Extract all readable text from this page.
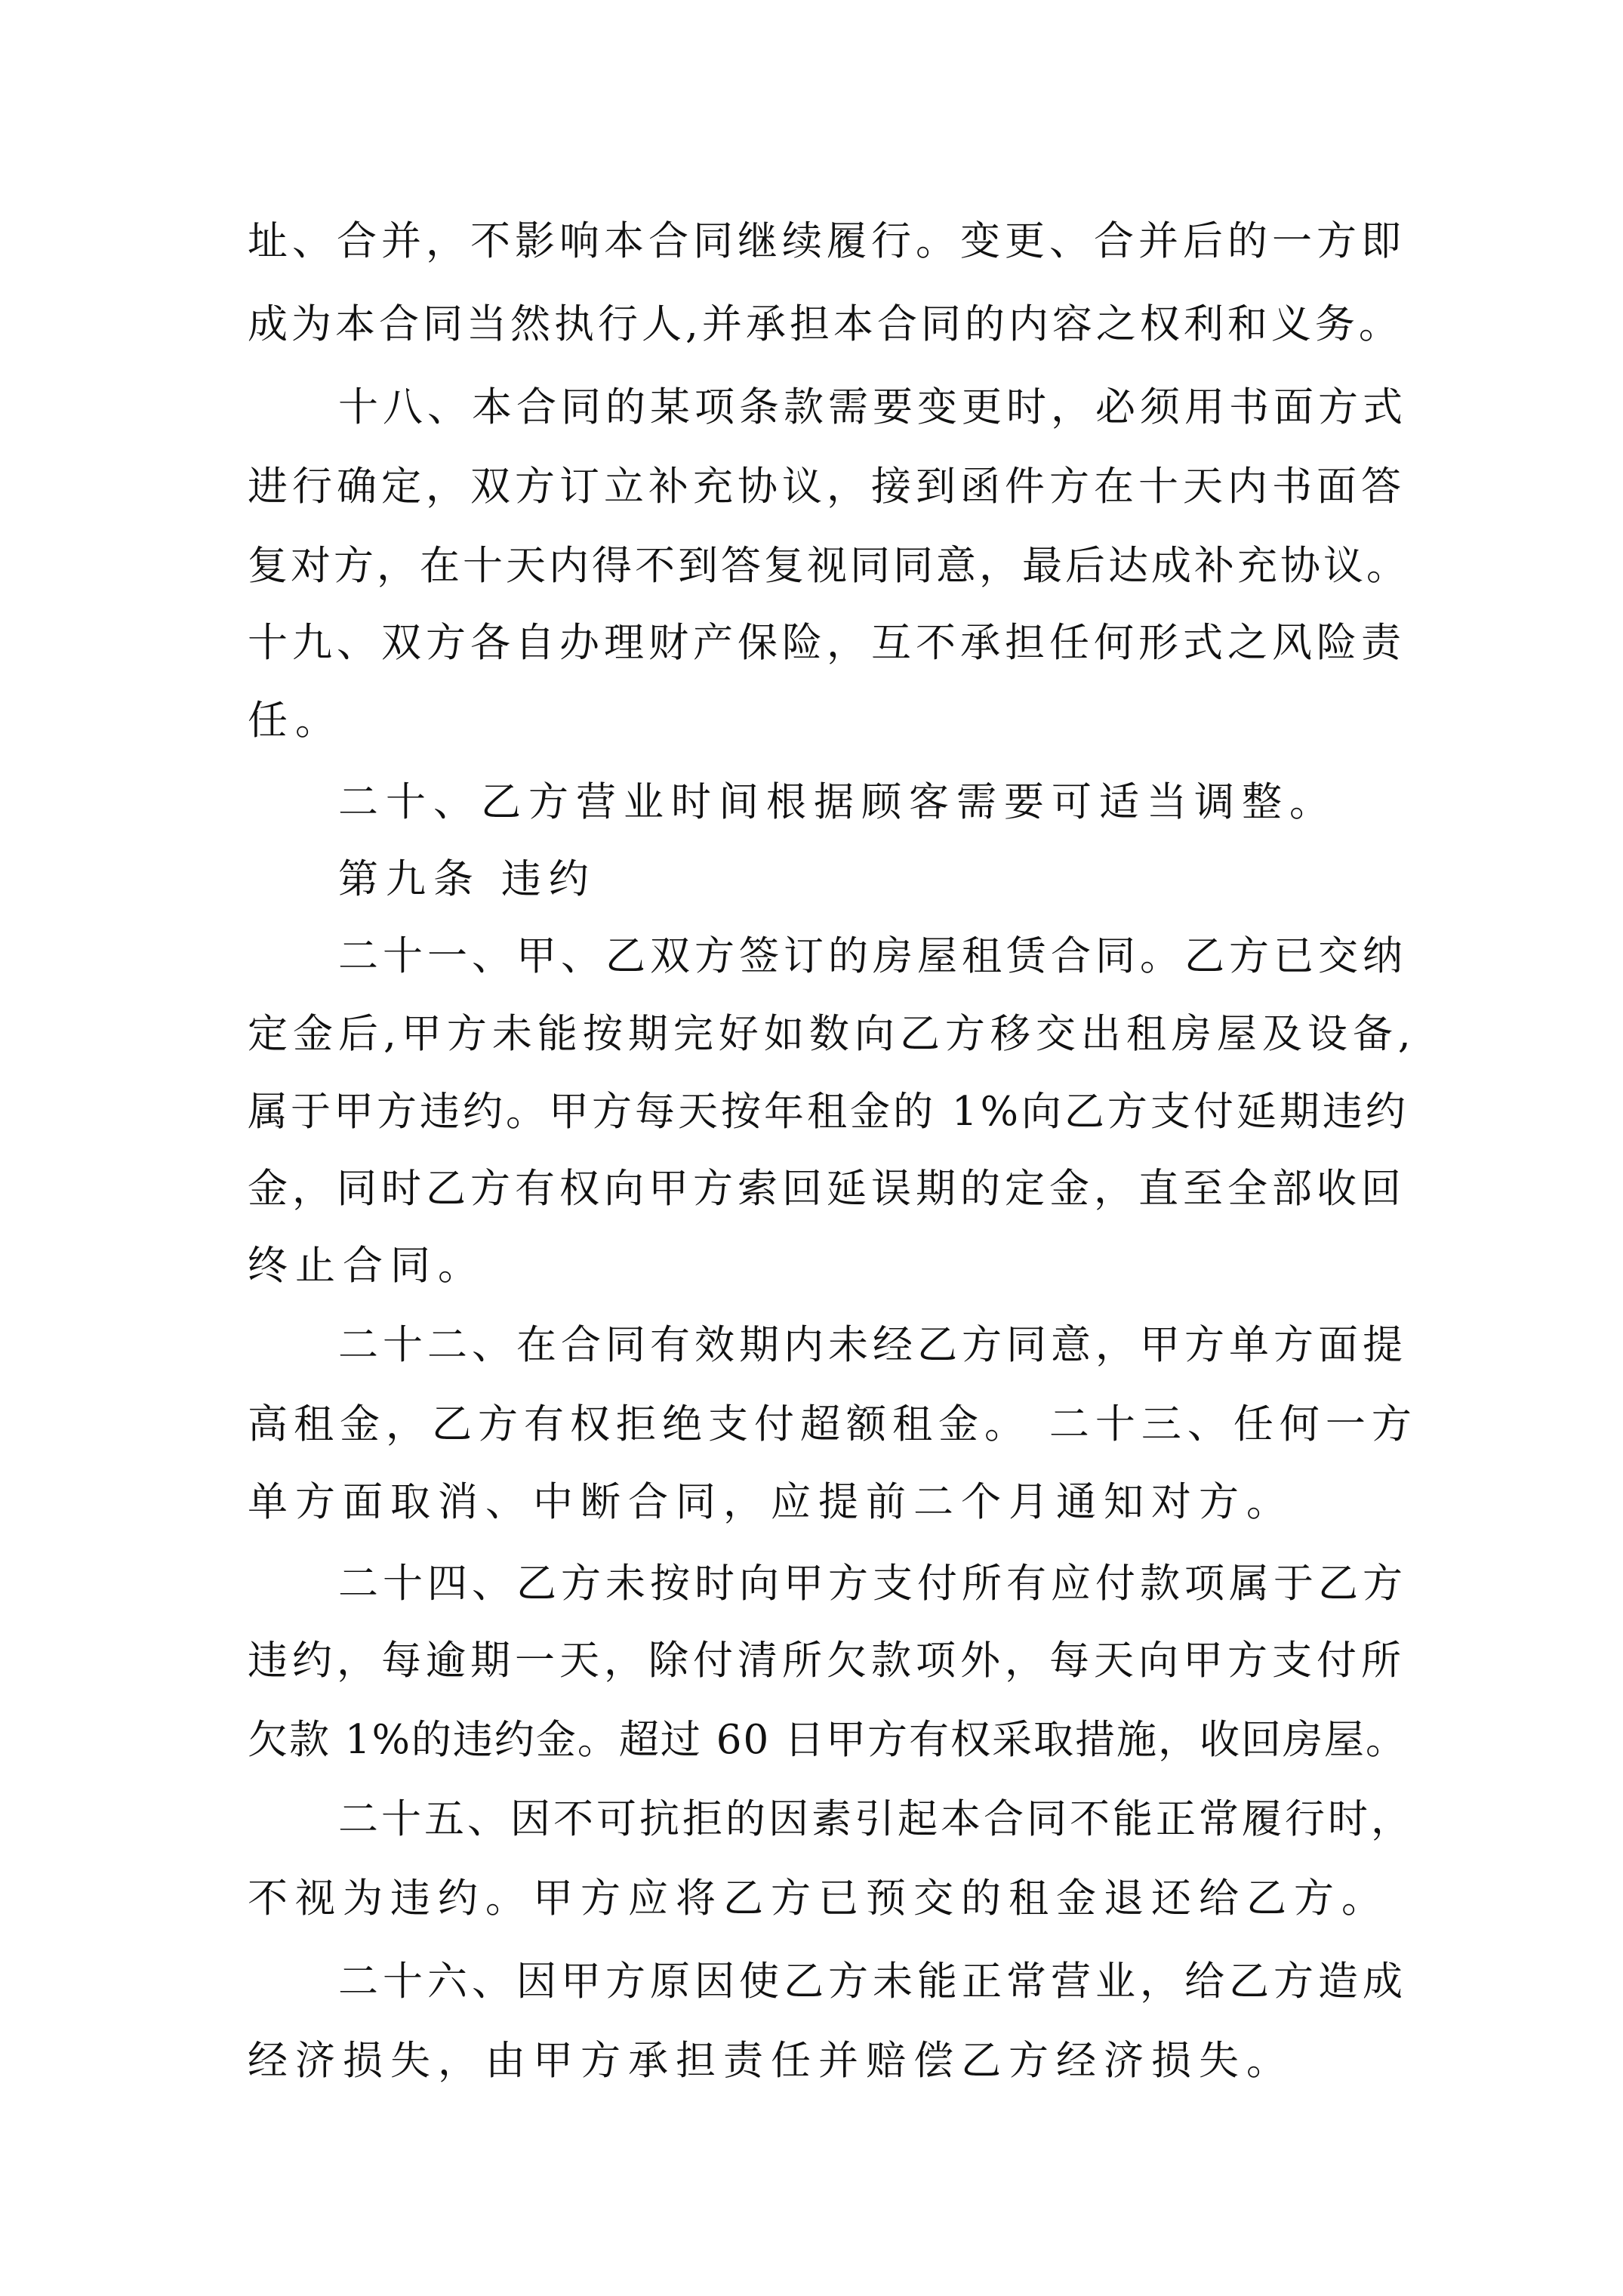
址、合并，不影响本合同继续履行。变更、合并后的一方即
成为本合同当然执行人,并承担本合同的内容之权利和义务。
十八、本合同的某项条款需要变更时，必须用书面方式
进行确定，双方订立补充协议，接到函件方在十天内书面答
复对方，在十天内得不到答复视同同意，最后达成补充协议。
十九、双方各自办理财产保险，互不承担任何形式之风险责
任。
二十、乙方营业时间根据顾客需要可适当调整。
第九条 违约
二十一、甲、乙双方签订的房屋租赁合同。乙方已交纳
定金后,甲方未能按期完好如数向乙方移交出租房屋及设备,
属于甲方违约。甲方每天按年租金的 1%向乙方支付延期违约
金，同时乙方有权向甲方索回延误期的定金，直至全部收回
终止合同。
二十二、在合同有效期内未经乙方同意，甲方单方面提
高租金，乙方有权拒绝支付超额租金。 二十三、任何一方
单方面取消、中断合同，应提前二个月通知对方。
二十四、乙方未按时向甲方支付所有应付款项属于乙方
违约，每逾期一天，除付清所欠款项外，每天向甲方支付所
欠款 1%的违约金。超过 60 日甲方有权采取措施，收回房屋。
二十五、因不可抗拒的因素引起本合同不能正常履行时，
不视为违约。甲方应将乙方已预交的租金退还给乙方。
二十六、因甲方原因使乙方未能正常营业，给乙方造成
经济损失，由甲方承担责任并赔偿乙方经济损失。
